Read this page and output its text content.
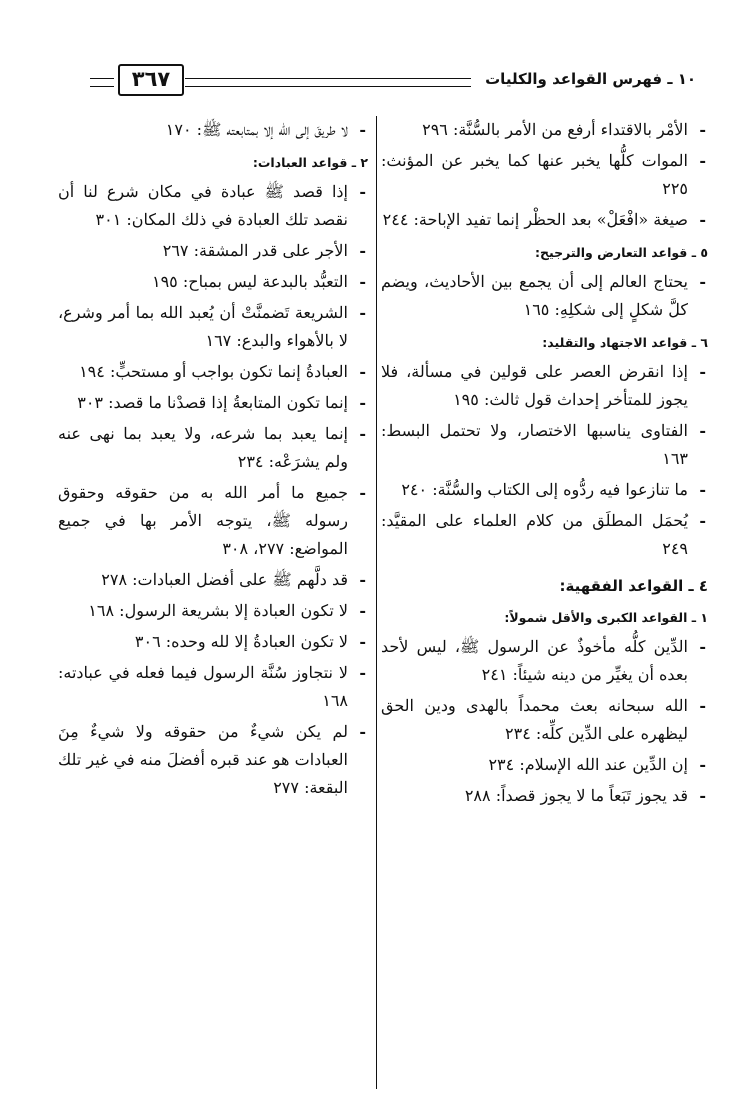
١٠ ـ فهرس القواعد والكليات
٣٦٧
- الأمْر بالاقتداء أرفع من الأمر بالسُّنَّة: ٢٩٦
- الموات كلُّها يخبر عنها كما يخبر عن المؤنث: ٢٢٥
- صيغة «افْعَلْ» بعد الحظْر إنما تفيد الإباحة: ٢٤٤
٥ ـ قواعد التعارض والترجيح:
- يحتاج العالم إلى أن يجمع بين الأحاديث، ويضم كلَّ شكلٍ إلى شكلِهِ: ١٦٥
٦ ـ قواعد الاجتهاد والتقليد:
- إذا انقرض العصر على قولين في مسألة، فلا يجوز للمتأخر إحداث قول ثالث: ١٩٥
- الفتاوى يناسبها الاختصار، ولا تحتمل البسط: ١٦٣
- ما تنازعوا فيه ردُّوه إلى الكتاب والسُّنَّة: ٢٤٠
- يُحمَل المطلَق من كلام العلماء على المقيَّد: ٢٤٩
٤ ـ القواعد الفقهية:
١ ـ القواعد الكبرى والأقل شمولاً:
- الدِّين كلُّه مأخوذٌ عن الرسول ﷺ، ليس لأحد بعده أن يغيِّر من دينه شيئاً: ٢٤١
- الله سبحانه بعث محمداً بالهدى ودين الحق ليظهره على الدِّين كلِّه: ٢٣٤
- إن الدِّين عند الله الإسلام: ٢٣٤
- قد يجوز تَبَعاً ما لا يجوز قصداً: ٢٨٨
- لا طريقَ إلى الله إلا بمتابعته ﷺ: ١٧٠
٢ ـ قواعد العبادات:
- إذا قصد ﷺ عبادة في مكان شرع لنا أن نقصد تلك العبادة في ذلك المكان: ٣٠١
- الأجر على قدر المشقة: ٢٦٧
- التعبُّد بالبدعة ليس بمباح: ١٩٥
- الشريعة تَضمنَّتْ أن يُعبد الله بما أمر وشرع، لا بالأهواء والبدع: ١٦٧
- العبادةُ إنما تكون بواجب أو مستحبٍّ: ١٩٤
- إنما تكون المتابعةُ إذا قصدْنا ما قصد: ٣٠٣
- إنما يعبد بما شرعه، ولا يعبد بما نهى عنه ولم يشرَعْه: ٢٣٤
- جميع ما أمر الله به من حقوقه وحقوق رسوله ﷺ، يتوجه الأمر بها في جميع المواضع: ٢٧٧، ٣٠٨
- قد دلَّهم ﷺ على أفضل العبادات: ٢٧٨
- لا تكون العبادة إلا بشريعة الرسول: ١٦٨
- لا تكون العبادةُ إلا لله وحده: ٣٠٦
- لا نتجاوز سُنَّة الرسول فيما فعله في عبادته: ١٦٨
- لم يكن شيءٌ من حقوقه ولا شيءٌ مِنَ العبادات هو عند قبره أفضلَ منه في غير تلك البقعة: ٢٧٧
